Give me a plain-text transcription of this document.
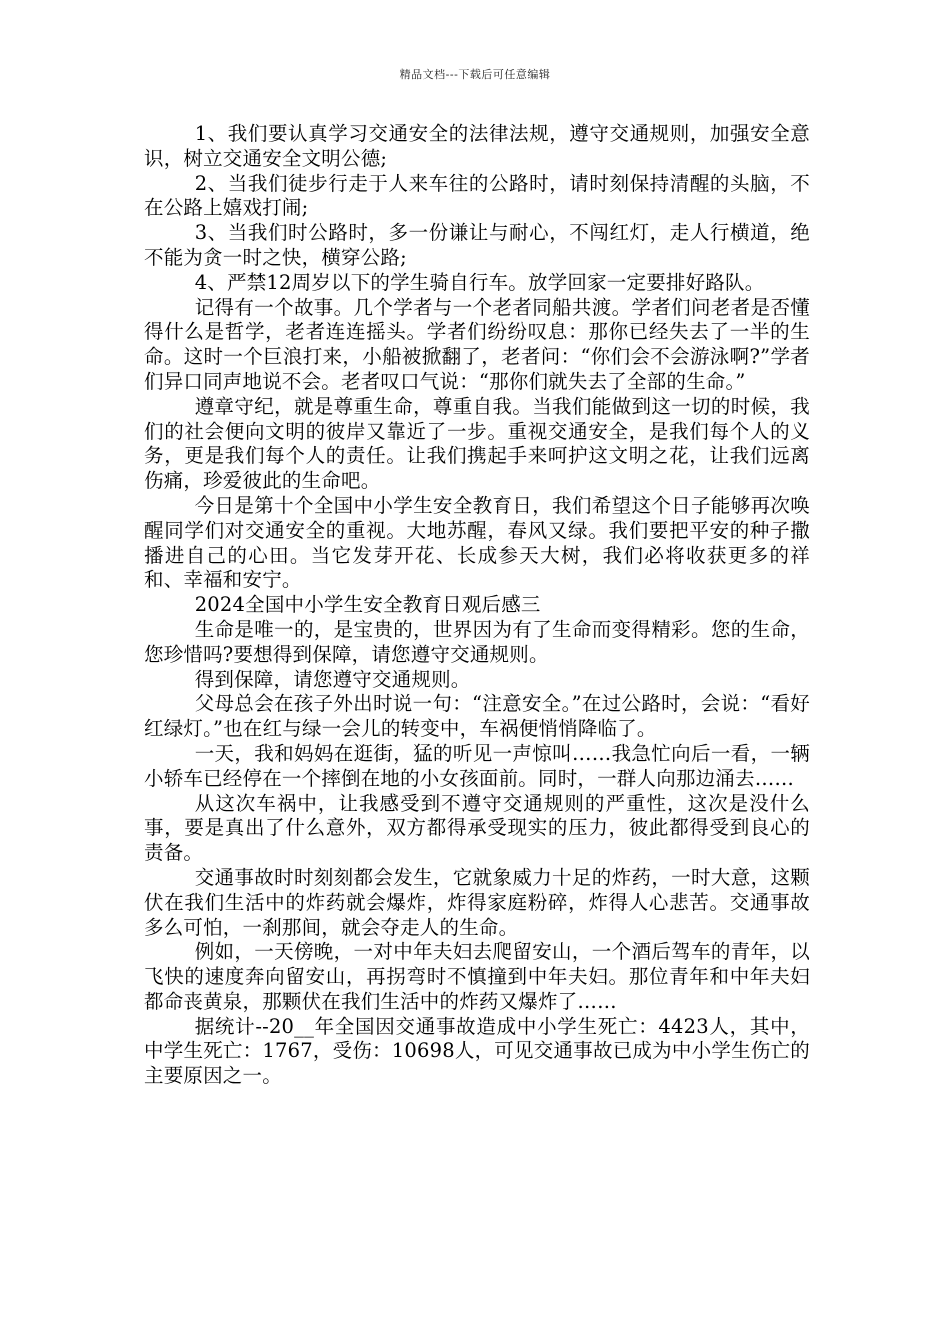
精品文档---下载后可任意编辑

1、我们要认真学习交通安全的法律法规，遵守交通规则，加强安全意识，树立交通安全文明公德;

2、当我们徒步行走于人来车往的公路时，请时刻保持清醒的头脑，不在公路上嬉戏打闹;

3、当我们时公路时，多一份谦让与耐心，不闯红灯，走人行横道，绝不能为贪一时之快，横穿公路;

4、严禁12周岁以下的学生骑自行车。放学回家一定要排好路队。

记得有一个故事。几个学者与一个老者同船共渡。学者们问老者是否懂得什么是哲学，老者连连摇头。学者们纷纷叹息：那你已经失去了一半的生命。这时一个巨浪打来，小船被掀翻了，老者问：“你们会不会游泳啊?”学者们异口同声地说不会。老者叹口气说：“那你们就失去了全部的生命。”

遵章守纪，就是尊重生命，尊重自我。当我们能做到这一切的时候，我们的社会便向文明的彼岸又靠近了一步。重视交通安全，是我们每个人的义务，更是我们每个人的责任。让我们携起手来呵护这文明之花，让我们远离伤痛，珍爱彼此的生命吧。

今日是第十个全国中小学生安全教育日，我们希望这个日子能够再次唤醒同学们对交通安全的重视。大地苏醒，春风又绿。我们要把平安的种子撒播进自己的心田。当它发芽开花、长成参天大树，我们必将收获更多的祥和、幸福和安宁。

2024全国中小学生安全教育日观后感三

生命是唯一的，是宝贵的，世界因为有了生命而变得精彩。您的生命，您珍惜吗?要想得到保障，请您遵守交通规则。

得到保障，请您遵守交通规则。

父母总会在孩子外出时说一句：“注意安全。”在过公路时，会说：“看好红绿灯。”也在红与绿一会儿的转变中，车祸便悄悄降临了。

一天，我和妈妈在逛街，猛的听见一声惊叫……我急忙向后一看，一辆小轿车已经停在一个摔倒在地的小女孩面前。同时，一群人向那边涌去……

从这次车祸中，让我感受到不遵守交通规则的严重性，这次是没什么事，要是真出了什么意外，双方都得承受现实的压力，彼此都得受到良心的责备。

交通事故时时刻刻都会发生，它就象威力十足的炸药，一时大意，这颗伏在我们生活中的炸药就会爆炸，炸得家庭粉碎，炸得人心悲苦。交通事故多么可怕，一刹那间，就会夺走人的生命。

例如，一天傍晚，一对中年夫妇去爬留安山，一个酒后驾车的青年，以飞快的速度奔向留安山，再拐弯时不慎撞到中年夫妇。那位青年和中年夫妇都命丧黄泉，那颗伏在我们生活中的炸药又爆炸了……

据统计--20__年全国因交通事故造成中小学生死亡：4423人，其中，中学生死亡：1767，受伤：10698人，可见交通事故已成为中小学生伤亡的主要原因之一。
